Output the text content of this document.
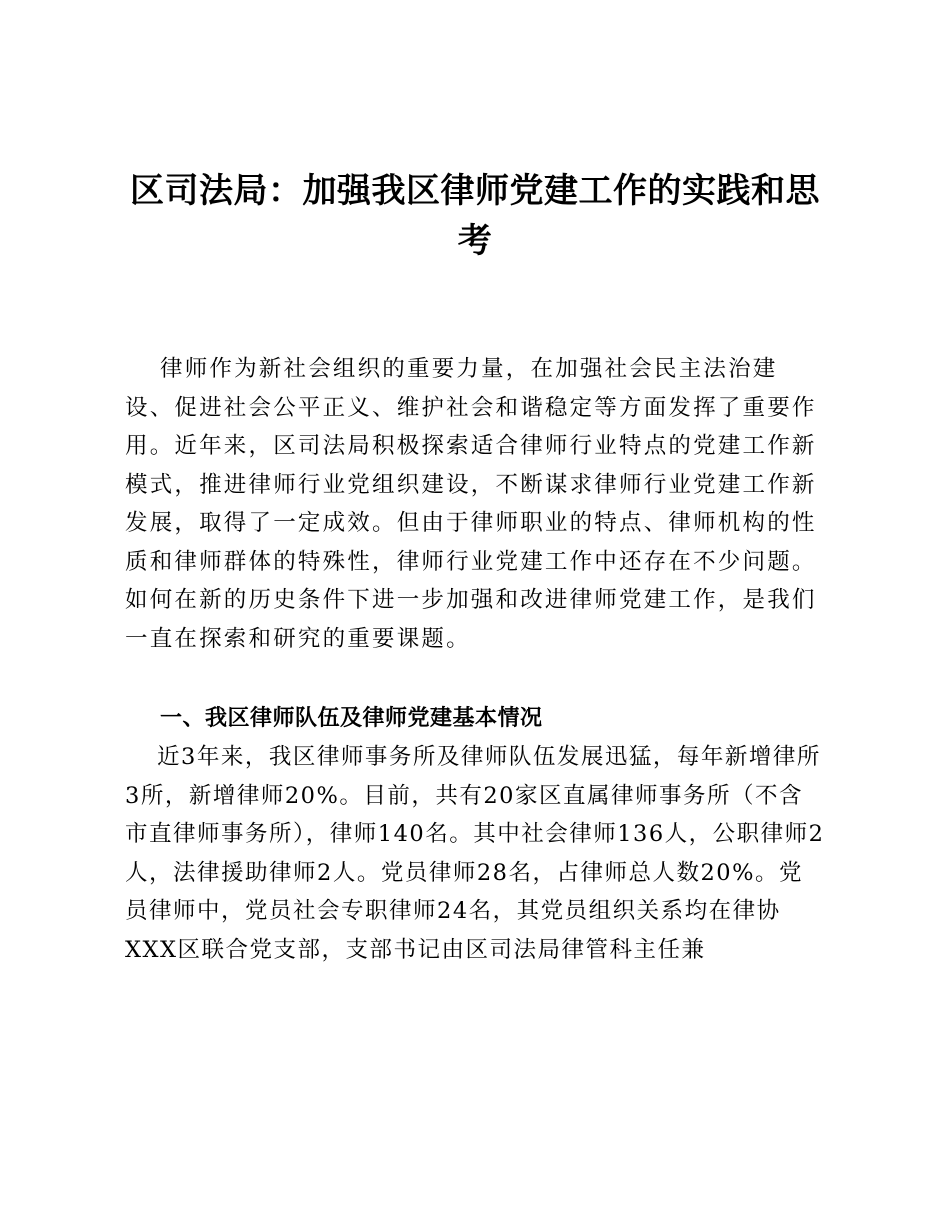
区司法局：加强我区律师党建工作的实践和思考

律师作为新社会组织的重要力量，在加强社会民主法治建设、促进社会公平正义、维护社会和谐稳定等方面发挥了重要作用。近年来，区司法局积极探索适合律师行业特点的党建工作新模式，推进律师行业党组织建设，不断谋求律师行业党建工作新发展，取得了一定成效。但由于律师职业的特点、律师机构的性质和律师群体的特殊性，律师行业党建工作中还存在不少问题。如何在新的历史条件下进一步加强和改进律师党建工作，是我们一直在探索和研究的重要课题。

一、我区律师队伍及律师党建基本情况

近3年来，我区律师事务所及律师队伍发展迅猛，每年新增律所3所，新增律师20%。目前，共有20家区直属律师事务所（不含市直律师事务所），律师140名。其中社会律师136人，公职律师2人，法律援助律师2人。党员律师28名，占律师总人数20%。党员律师中，党员社会专职律师24名，其党员组织关系均在律协XXX区联合党支部，支部书记由区司法局律管科主任兼
